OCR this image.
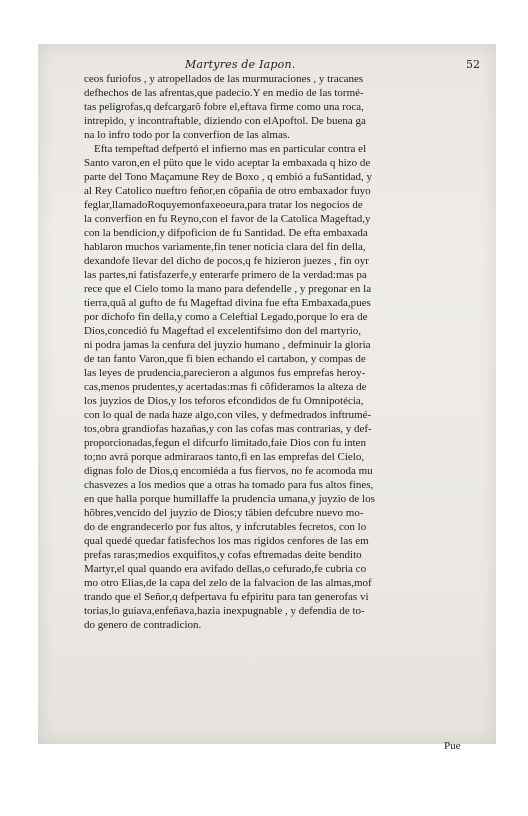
Martyres de Iapon.	52
ceos furiofos , y atropellados de las murmuraciones , y tracanes
defhechos de las afrentas,que padecio.Y en medio de las tormé-
tas peligrofas,q defcargarõ fobre el,eftava firme como una roca,
intrepido, y incontraftable, diziendo con elApoftol. De buena ga
na lo infro todo por la converfion de las almas.
Efta tempeftad defpertó el infierno mas en particular contra el
Santo varon,en el püto que le vido aceptar la embaxada q hizo de
parte del Tono Maçamune Rey de Boxo , q embió a fuSantidad, y
al Rey Catolico nueftro feñor,en cõpañia de otro embaxador fuyo
feglar,llamadoRoquyemonfaxeoeura,para tratar los negocios de
la converfion en fu Reyno,con el favor de la Catolica Mageftad,y
con la bendicion,y difpoficion de fu Santidad. De efta embaxada
hablaron muchos variamente,fin tener noticia clara del fin della,
dexandofe llevar del dicho de pocos,q fe hizieron juezes , fin oyr
las partes,ni fatisfazerfe,y enterarfe primero de la verdad:mas pa
rece que el Cielo tomo la mano para defendelle , y pregonar en la
tierra,quã al gufto de fu Mageftad divina fue efta Embaxada,pues
por dichofo fin della,y como a Celeftial Legado,porque lo era de
Dios,concedió fu Mageftad el excelentifsimo don del martyrio,
ni podra jamas la cenfura del juyzio humano , defminuir la gloria
de tan fanto Varon,que fi bien echando el cartabon, y compas de
las leyes de prudencia,parecieron a algunos fus emprefas heroy-
cas,menos prudentes,y acertadas:mas fi cõfideramos la alteza de
los juyzios de Dios,y los teforos efcondidos de fu Omnipotécia,
con lo qual de nada haze algo,con viles, y defmedrados inftrumé-
tos,obra grandiofas hazañas,y con las cofas mas contrarias, y def-
proporcionadas,fegun el difcurfo limitado,faie Dios con fu inten
to;no avrá porque admiraraos tanto,fi en las emprefas del Cielo,
dignas folo de Dios,q encomiéda a fus fiervos, no fe acomoda mu
chasvezes a los medios que a otras ha tomado para fus altos fines,
en que halla porque humillaffe la prudencia umana,y juyzio de los
hõbres,vencido del juyzio de Dios;y tãbien defcubre nuevo mo-
do de engrandecerlo por fus altos, y infcrutables fecretos, con lo
qual quedé quedar fatisfechos los mas rigidos cenfores de las em
prefas raras;medios exquifitos,y cofas eftremadas deite bendito
Martyr,el qual quando era avifado dellas,o cefurado,fe cubria co
mo otro Elias,de la capa del zelo de la falvacion de las almas,mof
trando que el Señor,q defpertava fu efpiritu para tan generofas vi
torias,lo guiava,enfeñava,hazia inexpugnable , y defendia de to-
do genero de contradicion.
Pue
